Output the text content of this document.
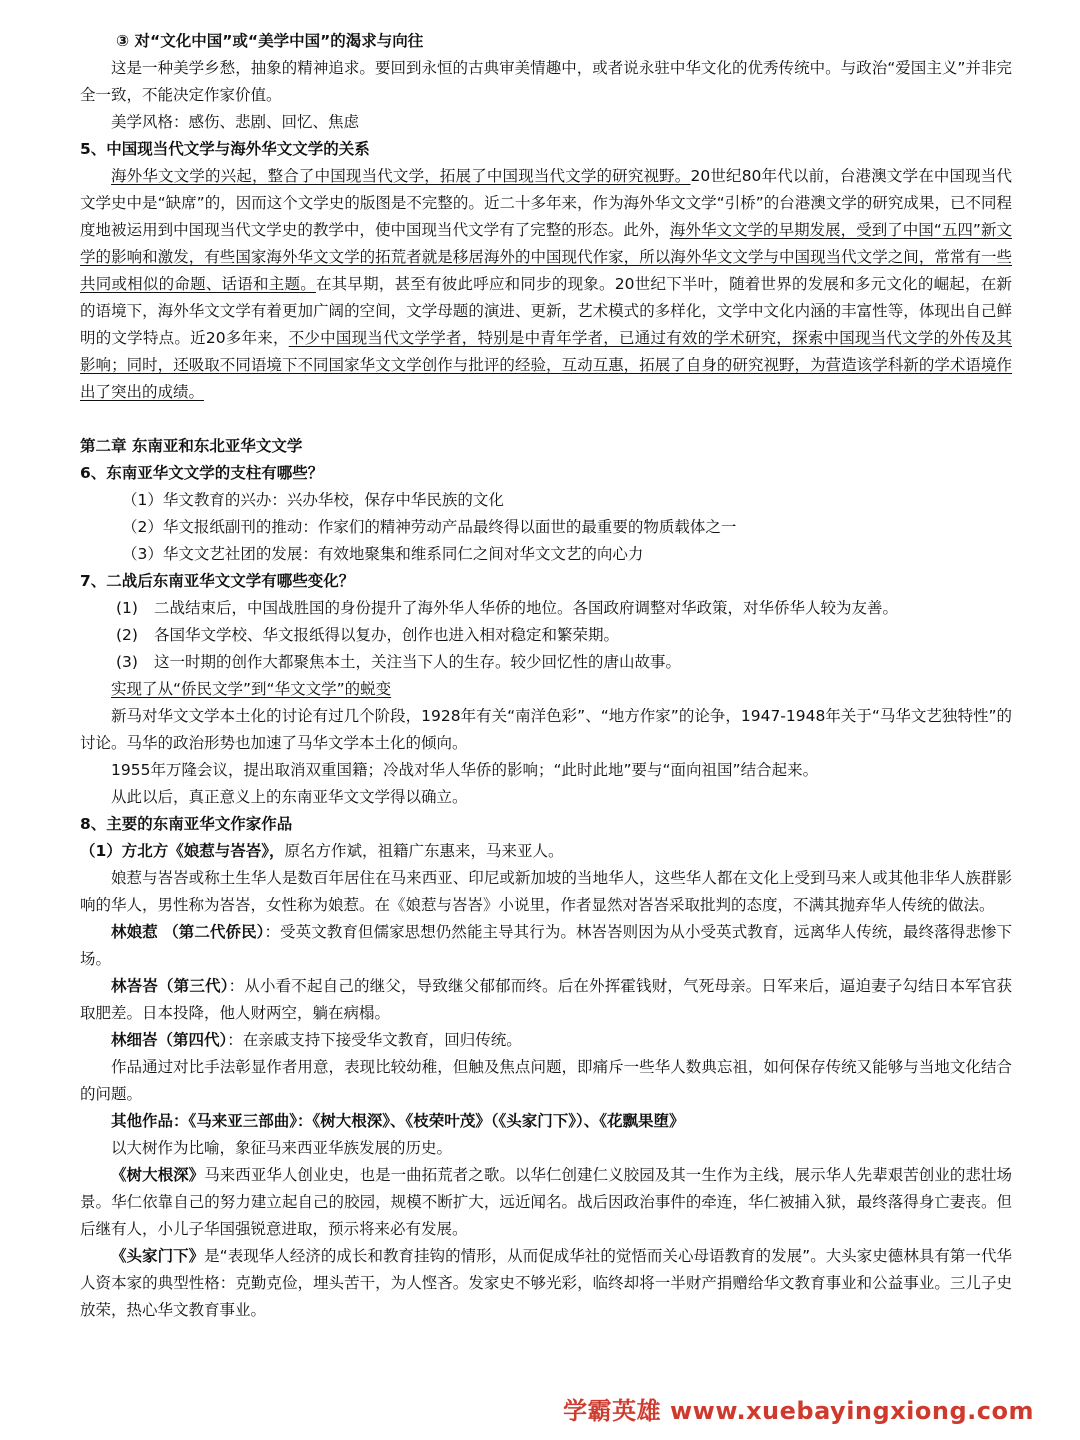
③ 对“文化中国”或“美学中国”的渴求与向往

这是一种美学乡愁，抽象的精神追求。要回到永恒的古典审美情趣中，或者说永驻中华文化的优秀传统中。与政治“爱国主义”并非完全一致，不能决定作家价值。

美学风格：感伤、悲剧、回忆、焦虑

5、中国现当代文学与海外华文文学的关系

海外华文文学的兴起，整合了中国现当代文学，拓展了中国现当代文学的研究视野。20世纪80年代以前，台港澳文学在中国现当代文学史中是“缺席”的，因而这个文学史的版图是不完整的。近二十多年来，作为海外华文文学“引桥”的台港澳文学的研究成果，已不同程度地被运用到中国现当代文学史的教学中，使中国现当代文学有了完整的形态。此外，海外华文文学的早期发展，受到了中国“五四”新文学的影响和激发，有些国家海外华文文学的拓荒者就是移居海外的中国现代作家，所以海外华文文学与中国现当代文学之间，常常有一些共同或相似的命题、话语和主题。在其早期，甚至有彼此呼应和同步的现象。20世纪下半叶，随着世界的发展和多元文化的崛起，在新的语境下，海外华文文学有着更加广阔的空间，文学母题的演进、更新，艺术模式的多样化，文学中文化内涵的丰富性等，体现出自己鲜明的文学特点。近20多年来，不少中国现当代文学学者，特别是中青年学者，已通过有效的学术研究，探索中国现当代文学的外传及其影响；同时，还吸取不同语境下不同国家华文文学创作与批评的经验，互动互惠，拓展了自身的研究视野，为营造该学科新的学术语境作出了突出的成绩。

第二章 东南亚和东北亚华文文学

6、东南亚华文文学的支柱有哪些？

（1）华文教育的兴办：兴办华校，保存中华民族的文化

（2）华文报纸副刊的推动：作家们的精神劳动产品最终得以面世的最重要的物质载体之一

（3）华文文艺社团的发展：有效地聚集和维系同仁之间对华文文艺的向心力

7、二战后东南亚华文文学有哪些变化？

(1) 二战结束后，中国战胜国的身份提升了海外华人华侨的地位。各国政府调整对华政策，对华侨华人较为友善。

(2) 各国华文学校、华文报纸得以复办，创作也进入相对稳定和繁荣期。

(3) 这一时期的创作大都聚焦本土，关注当下人的生存。较少回忆性的唐山故事。

实现了从“侨民文学”到“华文文学”的蜕变

新马对华文文学本土化的讨论有过几个阶段，1928年有关“南洋色彩”、“地方作家”的论争，1947-1948年关于“马华文艺独特性”的讨论。马华的政治形势也加速了马华文学本土化的倾向。

1955年万隆会议，提出取消双重国籍；冷战对华人华侨的影响；“此时此地”要与“面向祖国”结合起来。

从此以后，真正意义上的东南亚华文文学得以确立。

8、主要的东南亚华文作家作品

（1）方北方《娘惹与峇峇》，原名方作斌，祖籍广东惠来，马来亚人。

娘惹与峇峇或称土生华人是数百年居住在马来西亚、印尼或新加坡的当地华人，这些华人都在文化上受到马来人或其他非华人族群影响的华人，男性称为峇峇，女性称为娘惹。在《娘惹与峇峇》小说里，作者显然对峇峇采取批判的态度，不满其抛弃华人传统的做法。

林娘惹 （第二代侨民）：受英文教育但儒家思想仍然能主导其行为。林峇峇则因为从小受英式教育，远离华人传统，最终落得悲惨下场。

林峇峇（第三代）：从小看不起自己的继父，导致继父郁郁而终。后在外挥霍钱财，气死母亲。日军来后，逼迫妻子勾结日本军官获取肥差。日本投降，他人财两空，躺在病榻。

林细峇（第四代）：在亲戚支持下接受华文教育，回归传统。

作品通过对比手法彰显作者用意，表现比较幼稚，但触及焦点问题，即痛斥一些华人数典忘祖，如何保存传统又能够与当地文化结合的问题。

其他作品：《马来亚三部曲》：《树大根深》、《枝荣叶茂》（《头家门下》）、《花飘果堕》

以大树作为比喻，象征马来西亚华族发展的历史。

《树大根深》马来西亚华人创业史，也是一曲拓荒者之歌。以华仁创建仁义胶园及其一生作为主线，展示华人先辈艰苦创业的悲壮场景。华仁依靠自己的努力建立起自己的胶园，规模不断扩大，远近闻名。战后因政治事件的牵连，华仁被捕入狱，最终落得身亡妻丧。但后继有人，小儿子华国强锐意进取，预示将来必有发展。

《头家门下》是“表现华人经济的成长和教育挂钩的情形，从而促成华社的觉悟而关心母语教育的发展”。大头家史德林具有第一代华人资本家的典型性格：克勤克俭，埋头苦干，为人悭吝。发家史不够光彩，临终却将一半财产捐赠给华文教育事业和公益事业。三儿子史放荣，热心华文教育事业。

学霸英雄 www.xuebayingxiong.com
